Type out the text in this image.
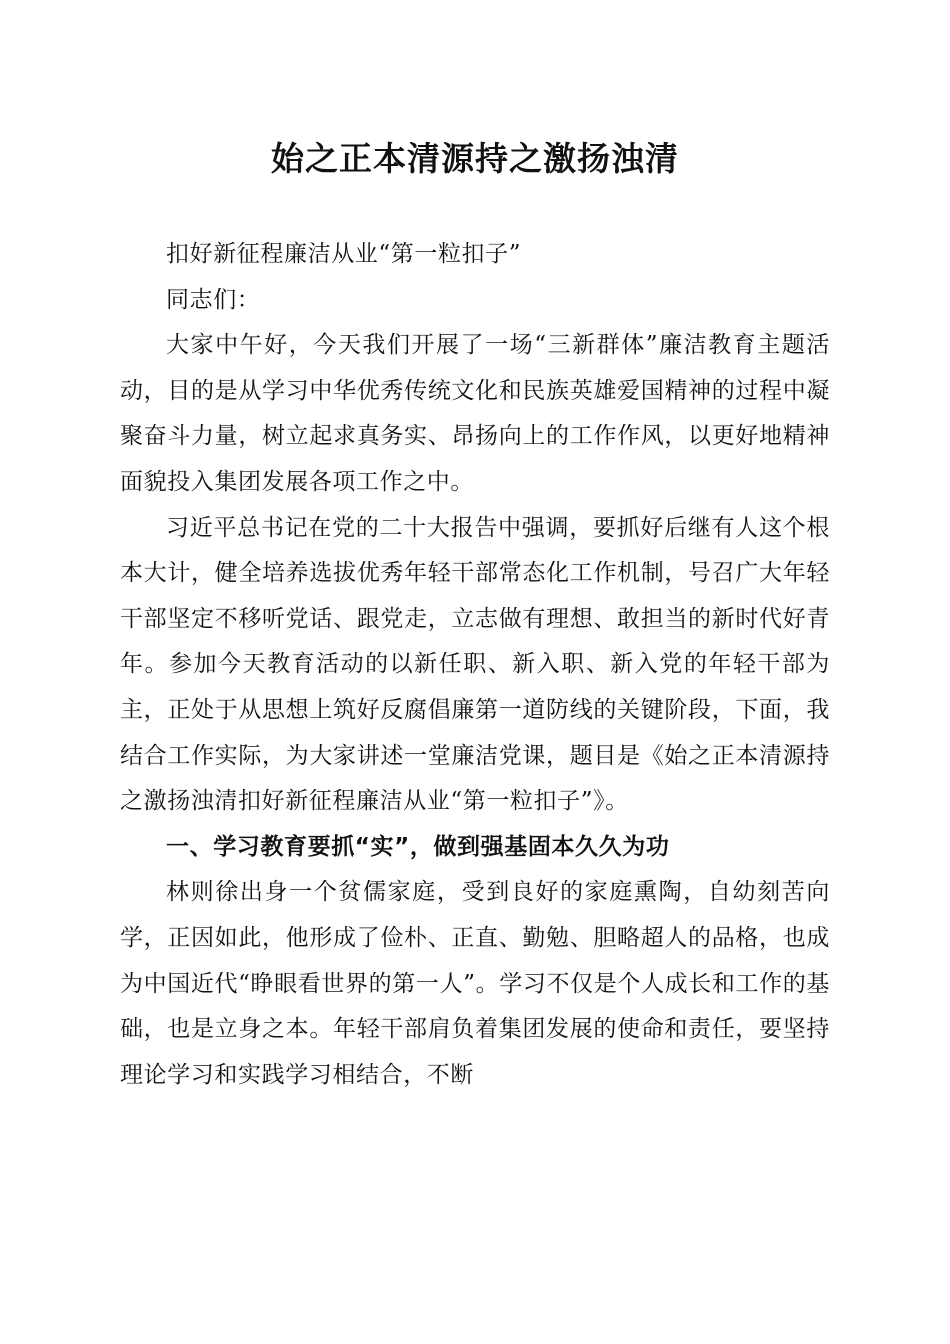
始之正本清源持之激扬浊清

扣好新征程廉洁从业“第一粒扣子”

同志们：

大家中午好，今天我们开展了一场“三新群体”廉洁教育主题活动，目的是从学习中华优秀传统文化和民族英雄爱国精神的过程中凝聚奋斗力量，树立起求真务实、昂扬向上的工作作风，以更好地精神面貌投入集团发展各项工作之中。

习近平总书记在党的二十大报告中强调，要抓好后继有人这个根本大计，健全培养选拔优秀年轻干部常态化工作机制，号召广大年轻干部坚定不移听党话、跟党走，立志做有理想、敢担当的新时代好青年。参加今天教育活动的以新任职、新入职、新入党的年轻干部为主，正处于从思想上筑好反腐倡廉第一道防线的关键阶段，下面，我结合工作实际，为大家讲述一堂廉洁党课，题目是《始之正本清源持之激扬浊清扣好新征程廉洁从业“第一粒扣子”》。

一、学习教育要抓“实”，做到强基固本久久为功

林则徐出身一个贫儒家庭，受到良好的家庭熏陶，自幼刻苦向学，正因如此，他形成了俭朴、正直、勤勉、胆略超人的品格，也成为中国近代“睁眼看世界的第一人”。学习不仅是个人成长和工作的基础，也是立身之本。年轻干部肩负着集团发展的使命和责任，要坚持理论学习和实践学习相结合，不断
